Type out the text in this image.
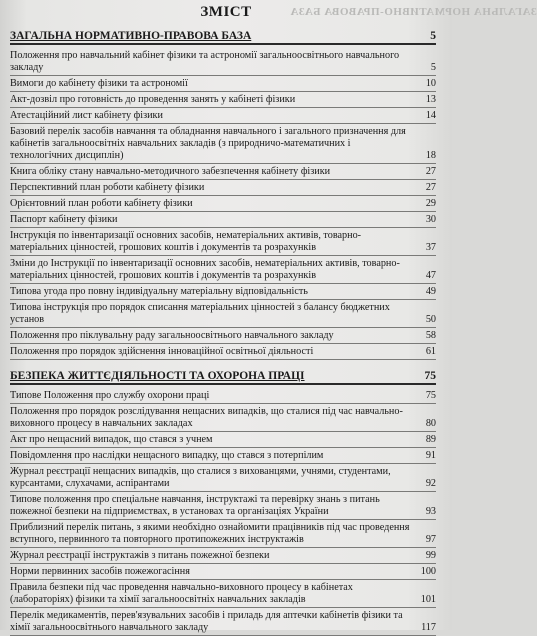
ЗАГАЛЬНА НОРМАТИВНО-ПРАВОВА БАЗА
ЗМІСТ
ЗАГАЛЬНА НОРМАТИВНО-ПРАВОВА БАЗА	5
Положення про навчальний кабінет фізики та астрономії загальноосвітнього навчального закладу	5
Вимоги до кабінету фізики та астрономії	10
Акт-дозвіл про готовність до проведення занять у кабінеті фізики	13
Атестаційний лист кабінету фізики	14
Базовий перелік засобів навчання та обладнання навчального і загального призначення для кабінетів загальноосвітніх навчальних закладів (з природничо-математичних і технологічних дисциплін)	18
Книга обліку стану навчально-методичного забезпечення кабінету фізики	27
Перспективний план роботи кабінету фізики	27
Орієнтовний план роботи кабінету фізики	29
Паспорт кабінету фізики	30
Інструкція по інвентаризації основних засобів, нематеріальних активів, товарно-матеріальних цінностей, грошових коштів і документів та розрахунків	37
Зміни до Інструкції по інвентаризації основних засобів, нематеріальних активів, товарно-матеріальних цінностей, грошових коштів і документів та розрахунків	47
Типова угода про повну індивідуальну матеріальну відповідальність	49
Типова інструкція про порядок списання матеріальних цінностей з балансу бюджетних установ	50
Положення про піклувальну раду загальноосвітнього навчального закладу	58
Положення про порядок здійснення інноваційної освітньої діяльності	61
БЕЗПЕКА ЖИТТЄДІЯЛЬНОСТІ ТА ОХОРОНА ПРАЦІ	75
Типове Положення про службу охорони праці	75
Положення про порядок розслідування нещасних випадків, що сталися під час навчально-виховного процесу в навчальних закладах	80
Акт про нещасний випадок, що стався з учнем	89
Повідомлення про наслідки нещасного випадку, що стався з потерпілим	91
Журнал реєстрації нещасних випадків, що сталися з вихованцями, учнями, студентами, курсантами, слухачами, аспірантами	92
Типове положення про спеціальне навчання, інструктажі та перевірку знань з питань пожежної безпеки на підприємствах, в установах та організаціях України	93
Приблизний перелік питань, з якими необхідно ознайомити працівників під час проведення вступного, первинного та повторного протипожежних інструктажів	97
Журнал реєстрації інструктажів з питань пожежної безпеки	99
Норми первинних засобів пожежогасіння	100
Правила безпеки під час проведення навчально-виховного процесу в кабінетах (лабораторіях) фізики та хімії загальноосвітніх навчальних закладів	101
Перелік медикаментів, перев'язувальних засобів і приладь для аптечки кабінетів фізики та хімії загальноосвітнього навчального закладу	117
